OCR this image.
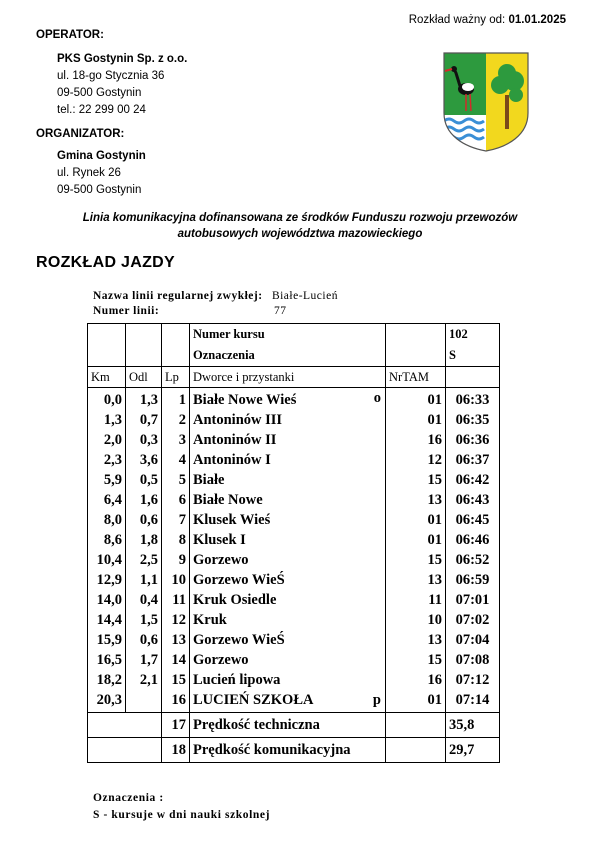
Rozkład ważny od: 01.01.2025
OPERATOR:
PKS Gostynin Sp. z o.o.
ul. 18-go Stycznia 36
09-500 Gostynin
tel.: 22 299 00 24
ORGANIZATOR:
Gmina Gostynin
ul. Rynek 26
09-500 Gostynin
Linia komunikacyjna dofinansowana ze środków Funduszu rozwoju przewozów
autobusowych województwa mazowieckiego
ROZKŁAD JAZDY
Nazwa linii regularnej zwykłej: Białe-Lucień
Numer linii:	77
			Numer kursu		102
			Oznaczenia		S
Km	Odl	Lp	Dworce i przystanki	NrTAM	
0,0	1,3	1	Białe Nowe Wieś o	01	06:33
1,3	0,7	2	Antoninów III	01	06:35
2,0	0,3	3	Antoninów II	16	06:36
2,3	3,6	4	Antoninów I	12	06:37
5,9	0,5	5	Białe	15	06:42
6,4	1,6	6	Białe Nowe	13	06:43
8,0	0,6	7	Klusek Wieś	01	06:45
8,6	1,8	8	Klusek I	01	06:46
10,4	2,5	9	Gorzewo	15	06:52
12,9	1,1	10	Gorzewo WieŚ	13	06:59
14,0	0,4	11	Kruk Osiedle	11	07:01
14,4	1,5	12	Kruk	10	07:02
15,9	0,6	13	Gorzewo WieŚ	13	07:04
16,5	1,7	14	Gorzewo	15	07:08
18,2	2,1	15	Lucień lipowa	16	07:12
20,3		16	LUCIEŃ SZKOŁA p	01	07:14
		17	Prędkość techniczna		35,8
		18	Prędkość komunikacyjna		29,7
Oznaczenia :
S - kursuje w dni nauki szkolnej
